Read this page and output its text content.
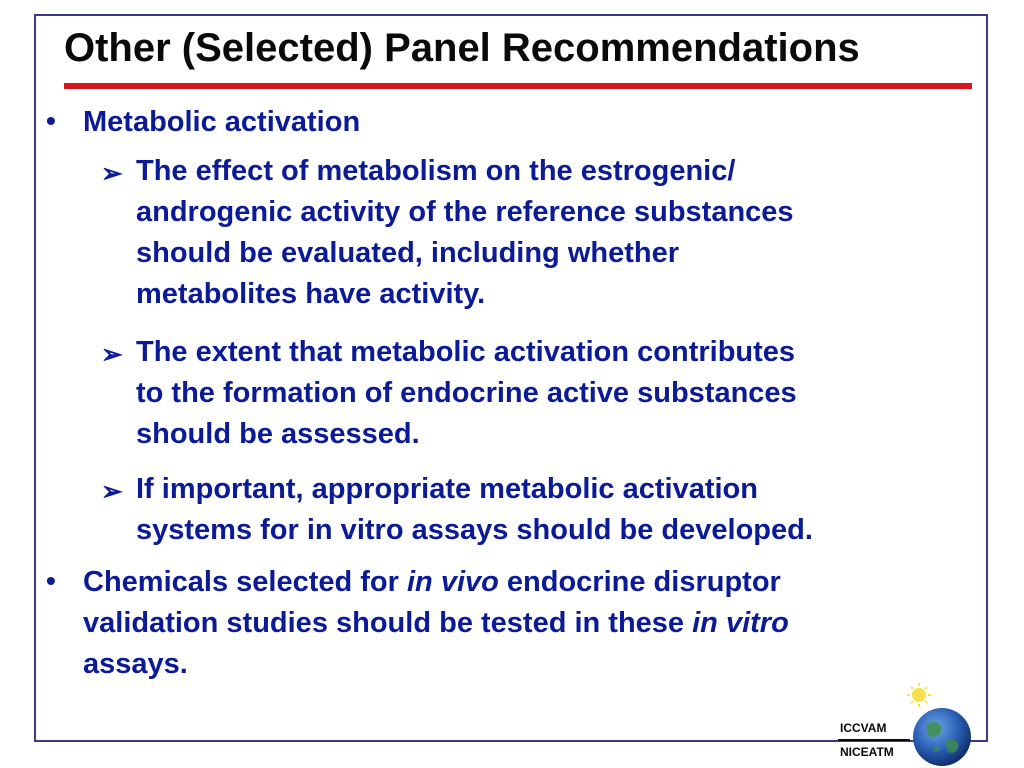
Other (Selected) Panel Recommendations
• Metabolic activation
➢ The effect of metabolism on the estrogenic/
androgenic activity of the reference substances
should be evaluated, including whether
metabolites have activity.
➢ The extent that metabolic activation contributes
to the formation of endocrine active substances
should be assessed.
➢ If important, appropriate metabolic activation
systems for in vitro assays should be developed.
• Chemicals selected for in vivo endocrine disruptor
validation studies should be tested in these in vitro
assays.
ICCVAM
NICEATM
